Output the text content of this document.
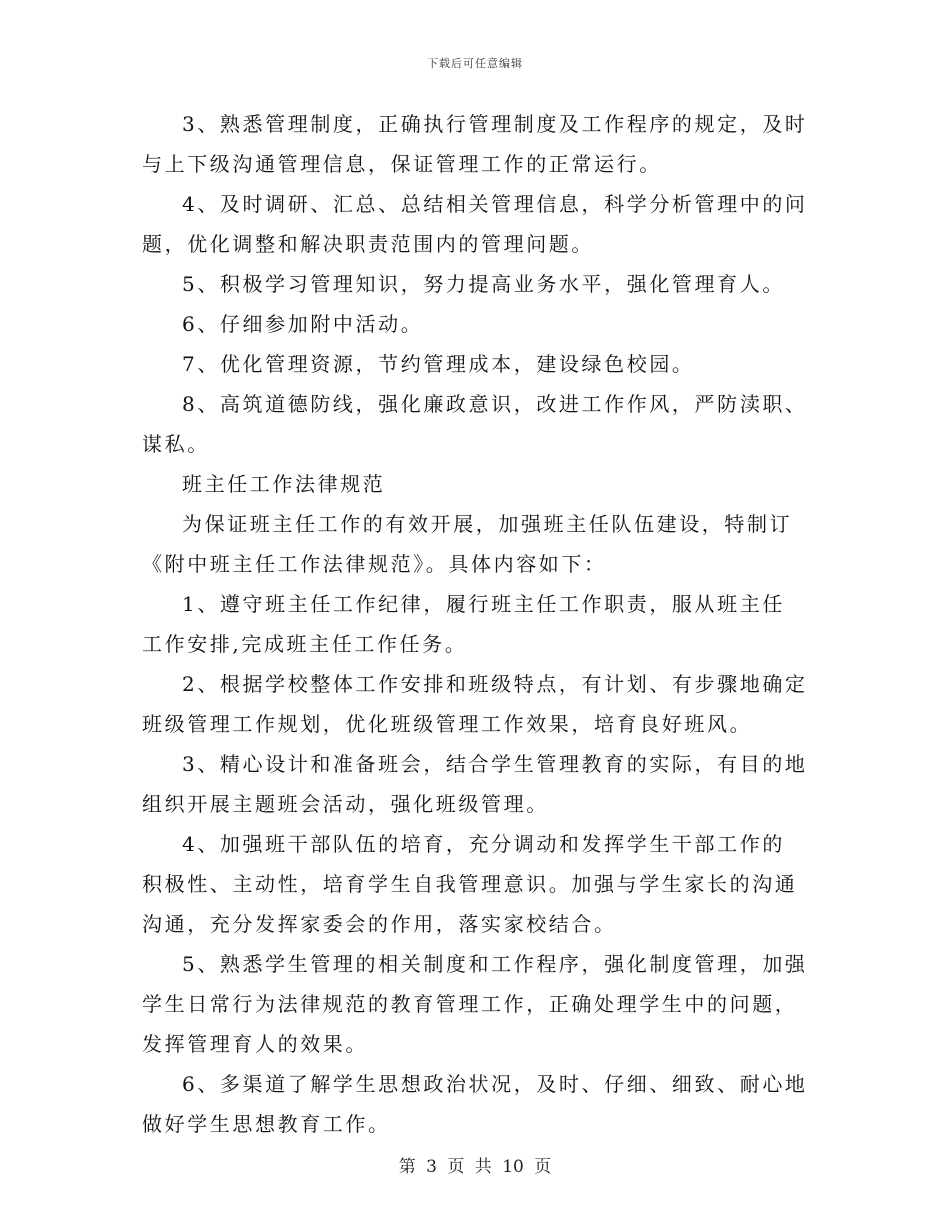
下载后可任意编辑

3、熟悉管理制度，正确执行管理制度及工作程序的规定，及时与上下级沟通管理信息，保证管理工作的正常运行。

4、及时调研、汇总、总结相关管理信息，科学分析管理中的问题，优化调整和解决职责范围内的管理问题。

5、积极学习管理知识，努力提高业务水平，强化管理育人。

6、仔细参加附中活动。

7、优化管理资源，节约管理成本，建设绿色校园。

8、高筑道德防线，强化廉政意识，改进工作作风，严防渎职、谋私。

班主任工作法律规范

为保证班主任工作的有效开展，加强班主任队伍建设，特制订《附中班主任工作法律规范》。具体内容如下：

1、遵守班主任工作纪律，履行班主任工作职责，服从班主任 工作安排,完成班主任工作任务。

2、根据学校整体工作安排和班级特点，有计划、有步骤地确定班级管理工作规划，优化班级管理工作效果，培育良好班风。

3、精心设计和准备班会，结合学生管理教育的实际，有目的地组织开展主题班会活动，强化班级管理。

4、加强班干部队伍的培育，充分调动和发挥学生干部工作的 积极性、主动性，培育学生自我管理意识。加强与学生家长的沟通沟通，充分发挥家委会的作用，落实家校结合。

5、熟悉学生管理的相关制度和工作程序，强化制度管理，加强学生日常行为法律规范的教育管理工作，正确处理学生中的问题，发挥管理育人的效果。

6、多渠道了解学生思想政治状况，及时、仔细、细致、耐心地做好学生思想教育工作。

第 3 页 共 10 页
